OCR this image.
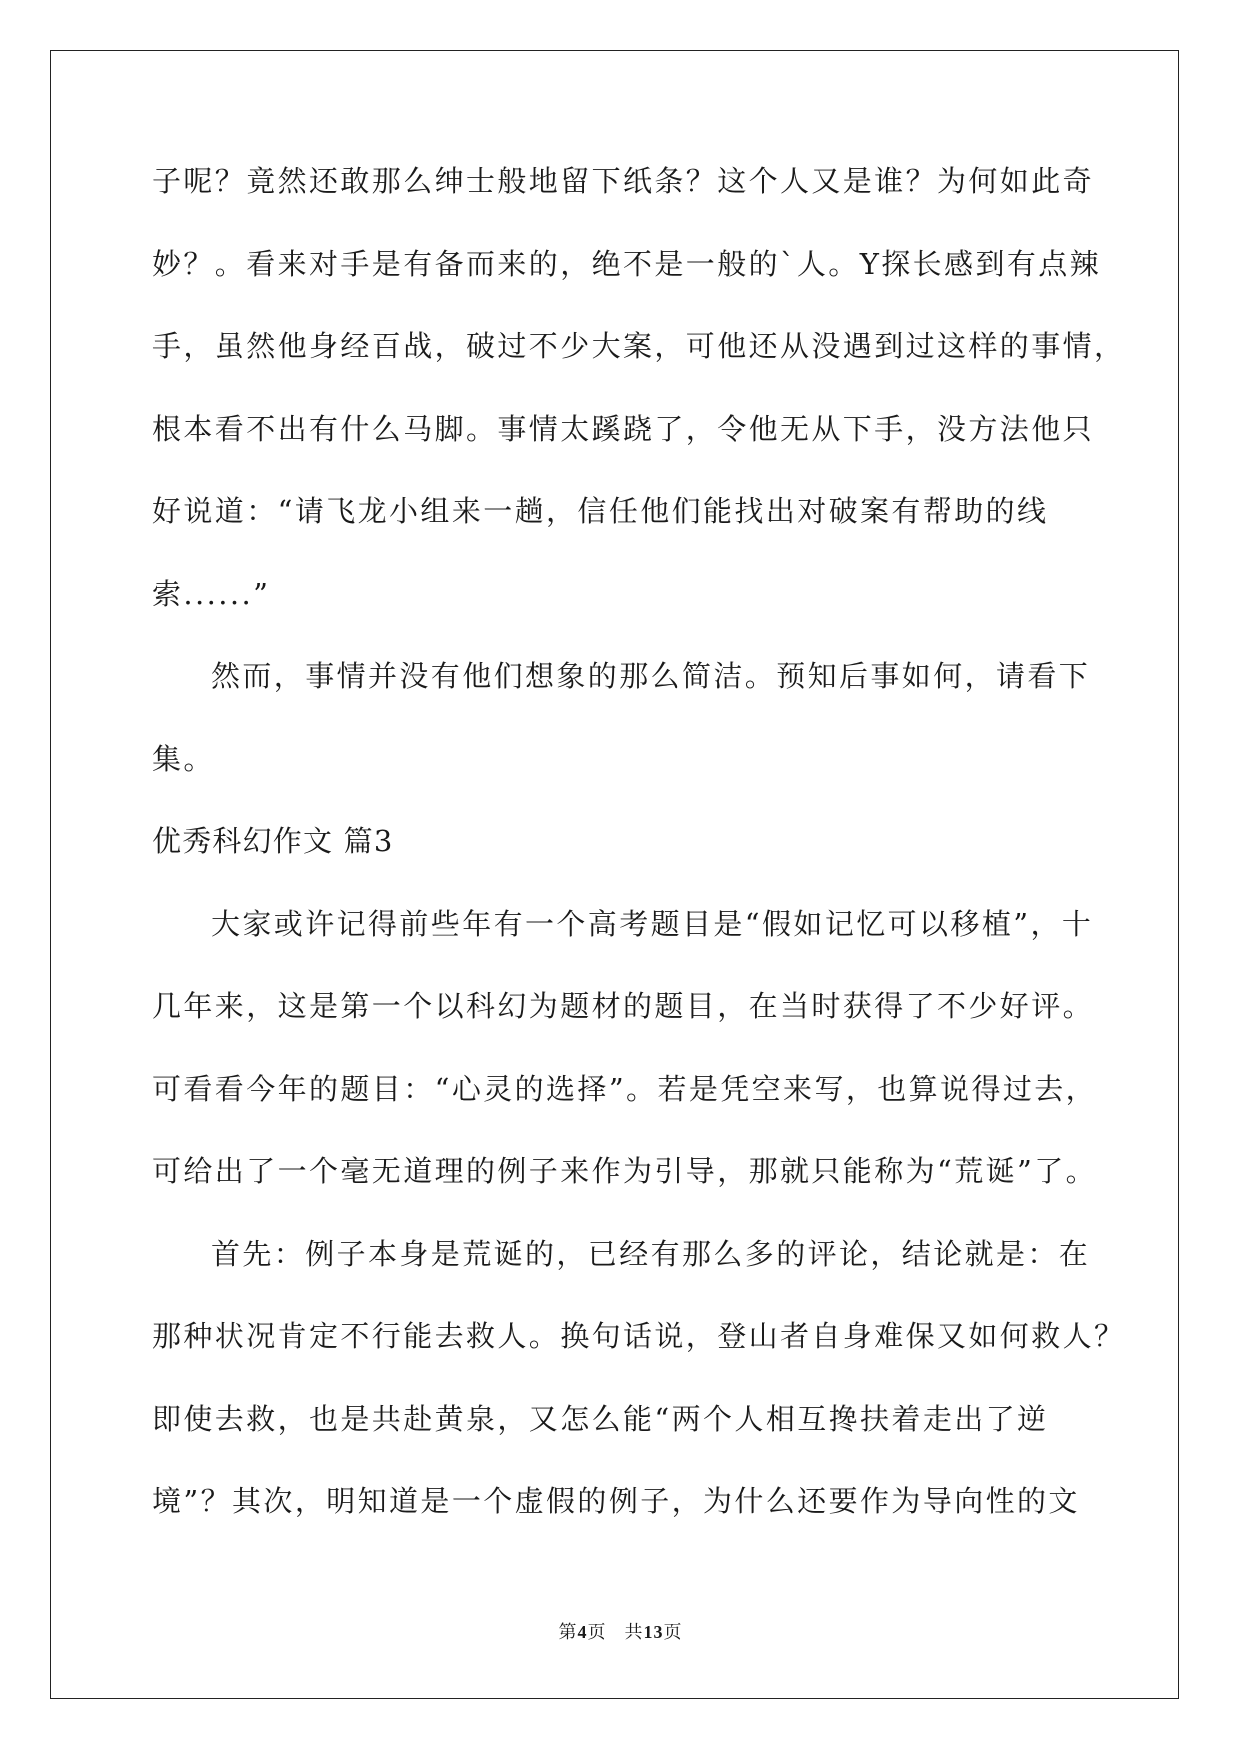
子呢？竟然还敢那么绅士般地留下纸条？这个人又是谁？为何如此奇
妙？。看来对手是有备而来的，绝不是一般的`人。Y探长感到有点辣
手，虽然他身经百战，破过不少大案，可他还从没遇到过这样的事情，
根本看不出有什么马脚。事情太蹊跷了，令他无从下手，没方法他只
好说道：“请飞龙小组来一趟，信任他们能找出对破案有帮助的线
索......”
然而，事情并没有他们想象的那么简洁。预知后事如何，请看下
集。
优秀科幻作文 篇3
大家或许记得前些年有一个高考题目是“假如记忆可以移植”，十
几年来，这是第一个以科幻为题材的题目，在当时获得了不少好评。
可看看今年的题目：“心灵的选择”。若是凭空来写，也算说得过去，
可给出了一个毫无道理的例子来作为引导，那就只能称为“荒诞”了。
首先：例子本身是荒诞的，已经有那么多的评论，结论就是：在
那种状况肯定不行能去救人。换句话说，登山者自身难保又如何救人？
即使去救，也是共赴黄泉，又怎么能“两个人相互搀扶着走出了逆
境”？其次，明知道是一个虚假的例子，为什么还要作为导向性的文
第4页 共13页
